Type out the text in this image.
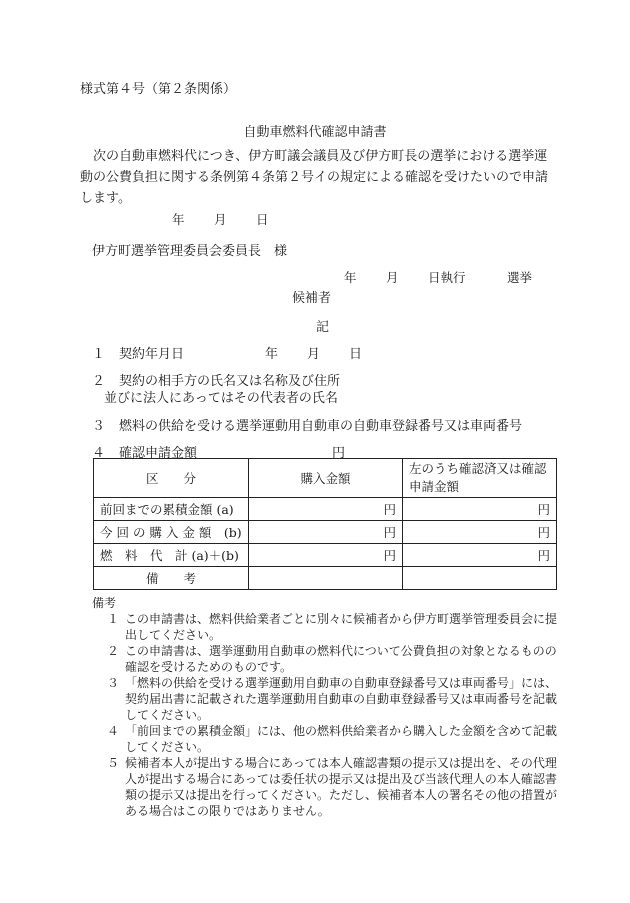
様式第４号（第２条関係）
自動車燃料代確認申請書
次の自動車燃料代につき、伊方町議会議員及び伊方町長の選挙における選挙運動の公費負担に関する条例第４条第２号イの規定による確認を受けたいので申請します。
年 月 日
伊方町選挙管理委員会委員長　様
年 月 日執行	選挙
候補者
記
１ 契約年月日	年 月 日
２ 契約の相手方の氏名又は名称及び住所
並びに法人にあってはその代表者の氏名
３ 燃料の供給を受ける選挙運動用自動車の自動車登録番号又は車両番号
４ 確認申請金額	円
区　　分	購入金額	左のうち確認済又は確認申請金額
前回までの累積金額 (a)	円	円
今 回 の 購 入 金 額　(b)	円	円
燃　料　代　計 (a)＋(b)	円	円
備　　考		
備考
１ この申請書は、燃料供給業者ごとに別々に候補者から伊方町選挙管理委員会に提出してください。
２ この申請書は、選挙運動用自動車の燃料代について公費負担の対象となるものの確認を受けるためのものです。
３ 「燃料の供給を受ける選挙運動用自動車の自動車登録番号又は車両番号」には、契約届出書に記載された選挙運動用自動車の自動車登録番号又は車両番号を記載してください。
４ 「前回までの累積金額」には、他の燃料供給業者から購入した金額を含めて記載してください。
５ 候補者本人が提出する場合にあっては本人確認書類の提示又は提出を、その代理人が提出する場合にあっては委任状の提示又は提出及び当該代理人の本人確認書類の提示又は提出を行ってください。ただし、候補者本人の署名その他の措置がある場合はこの限りではありません。
